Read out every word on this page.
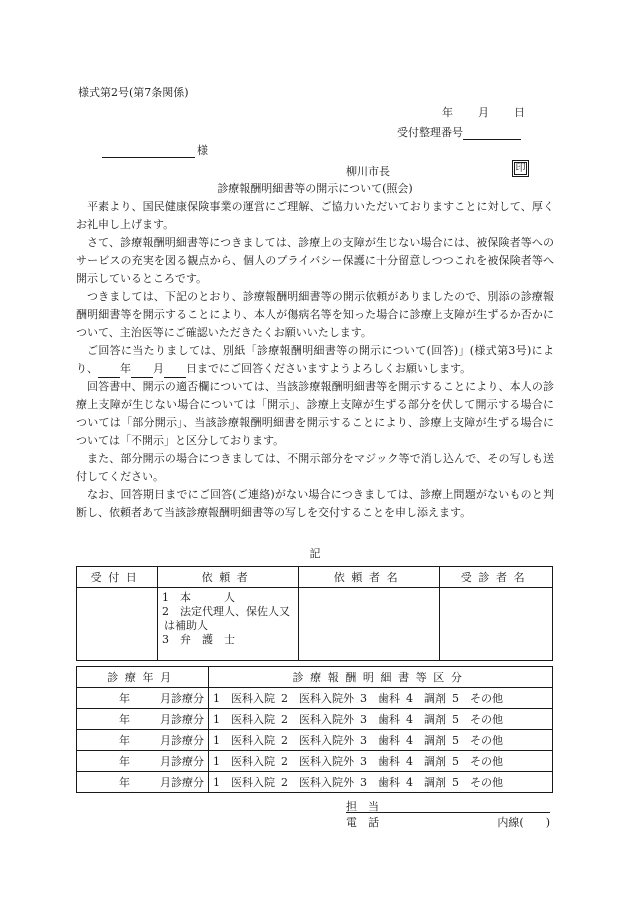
様式第2号(第7条関係)
年 月 日
受付整理番号
様
柳川市長	印
診療報酬明細書等の開示について(照会)

平素より、国民健康保険事業の運営にご理解、ご協力いただいておりますことに対して、厚くお礼申し上げます。

さて、診療報酬明細書等につきましては、診療上の支障が生じない場合には、被保険者等へのサービスの充実を図る観点から、個人のプライバシー保護に十分留意しつつこれを被保険者等へ開示しているところです。

つきましては、下記のとおり、診療報酬明細書等の開示依頼がありましたので、別添の診療報酬明細書等を開示することにより、本人が傷病名等を知った場合に診療上支障が生ずるか否かについて、主治医等にご確認いただきたくお願いいたします。

ご回答に当たりましては、別紙「診療報酬明細書等の開示について(回答)」(様式第3号)により、 年 月 日までにご回答くださいますようよろしくお願いします。

回答書中、開示の適否欄については、当該診療報酬明細書等を開示することにより、本人の診療上支障が生じない場合については「開示」、診療上支障が生ずる部分を伏して開示する場合については「部分開示」、当該診療報酬明細書を開示することにより、診療上支障が生ずる場合については「不開示」と区分しております。

また、部分開示の場合につきましては、不開示部分をマジック等で消し込んで、その写しも送付してください。

なお、回答期日までにご回答(ご連絡)がない場合につきましては、診療上問題がないものと判断し、依頼者あて当該診療報酬明細書等の写しを交付することを申し添えます。

記
受付日	依頼者	依頼者名	受診者名

	1　本　　　人
2　法定代理人、保佐人又
は補助人
3　弁　護　士		

診療年月	診療報酬明細書等区分
年 月診療分	1　医科入院 2　医科入院外 3　歯科 4　調剤 5　その他
年 月診療分	1　医科入院 2　医科入院外 3　歯科 4　調剤 5　その他
年 月診療分	1　医科入院 2　医科入院外 3　歯科 4　調剤 5　その他
年 月診療分	1　医科入院 2　医科入院外 3　歯科 4　調剤 5　その他
年 月診療分	1　医科入院 2　医科入院外 3　歯科 4　調剤 5　その他
担当
電話	内線(　　)
